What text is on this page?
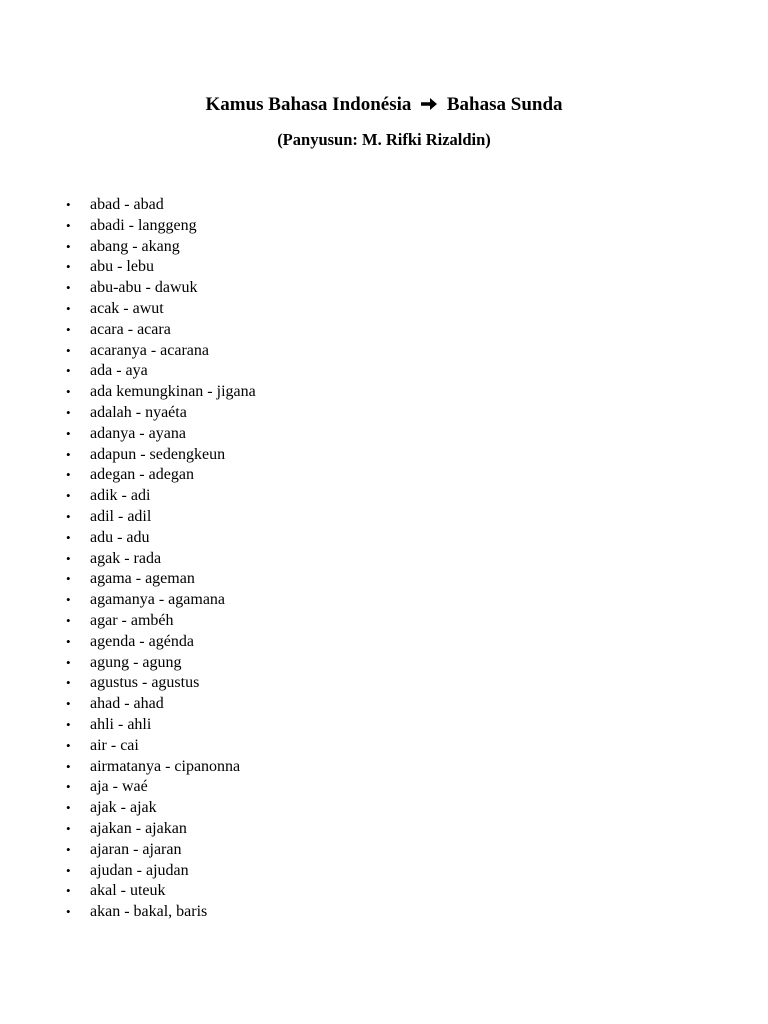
Kamus Bahasa Indonésia Bahasa Sunda
(Panyusun: M. Rifki Rizaldin)
• abad - abad
• abadi - langgeng
• abang - akang
• abu - lebu
• abu-abu - dawuk
• acak - awut
• acara - acara
• acaranya - acarana
• ada - aya
• ada kemungkinan - jigana
• adalah - nyaéta
• adanya - ayana
• adapun - sedengkeun
• adegan - adegan
• adik - adi
• adil - adil
• adu - adu
• agak - rada
• agama - ageman
• agamanya - agamana
• agar - ambéh
• agenda - agénda
• agung - agung
• agustus - agustus
• ahad - ahad
• ahli - ahli
• air - cai
• airmatanya - cipanonna
• aja - waé
• ajak - ajak
• ajakan - ajakan
• ajaran - ajaran
• ajudan - ajudan
• akal - uteuk
• akan - bakal, baris
